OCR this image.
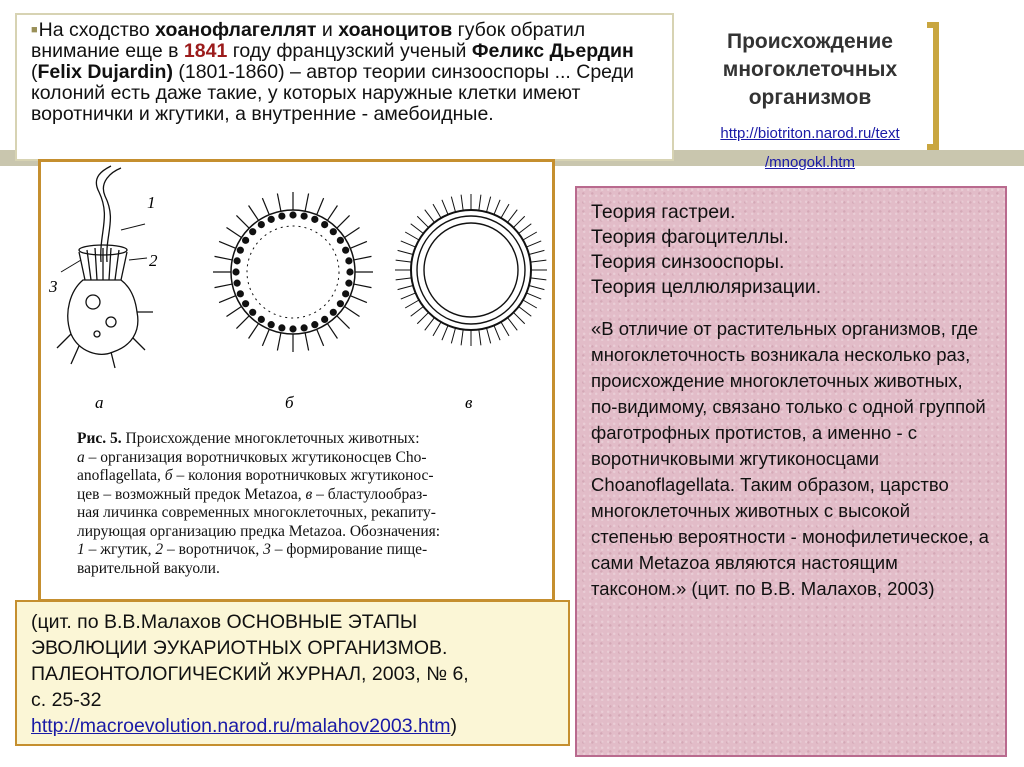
■На сходство хоанофлагеллят и хоаноцитов губок обратил внимание еще в 1841 году французский ученый Феликс Дьердин (Felix Dujardin) (1801-1860) – автор теории синзооспоры ... Среди колоний есть даже такие, у которых наружные клетки имеют воротнички и жгутики, а внутренние - амебоидные.
Происхождение
многоклеточных
организмов
http://biotriton.narod.ru/text
/mnogokl.htm
1
2
3
а	б	в
Рис. 5. Происхождение многоклеточных животных:
а – организация воротничковых жгутиконосцев Cho-
anoflagellata, б – колония воротничковых жгутиконос-
цев – возможный предок Metazoa, в – бластулообраз-
ная личинка современных многоклеточных, рекапиту-
лирующая организацию предка Metazoa. Обозначения:
1 – жгутик, 2 – воротничок, 3 – формирование пище-
варительной вакуоли.
(цит. по В.В.Малахов ОСНОВНЫЕ ЭТАПЫ
ЭВОЛЮЦИИ ЭУКАРИОТНЫХ ОРГАНИЗМОВ.
ПАЛЕОНТОЛОГИЧЕСКИЙ ЖУРНАЛ, 2003, № 6,
с. 25-32
http://macroevolution.narod.ru/malahov2003.htm)

Теория гастреи.

Теория фагоцителлы.

Теория синзооспоры.

Теория целлюляризации.

«В отличие от растительных организмов, где многоклеточность возникала несколько раз, происхождение многоклеточных животных, по-видимому, связано только с одной группой фаготрофных протистов, а именно - с воротничковыми жгутиконосцами Choanoflagellata. Таким образом, царство многоклеточных животных с высокой степенью вероятности - монофилетическое, а сами Metazoa являются настоящим таксоном.» (цит. по В.В. Малахов, 2003)
